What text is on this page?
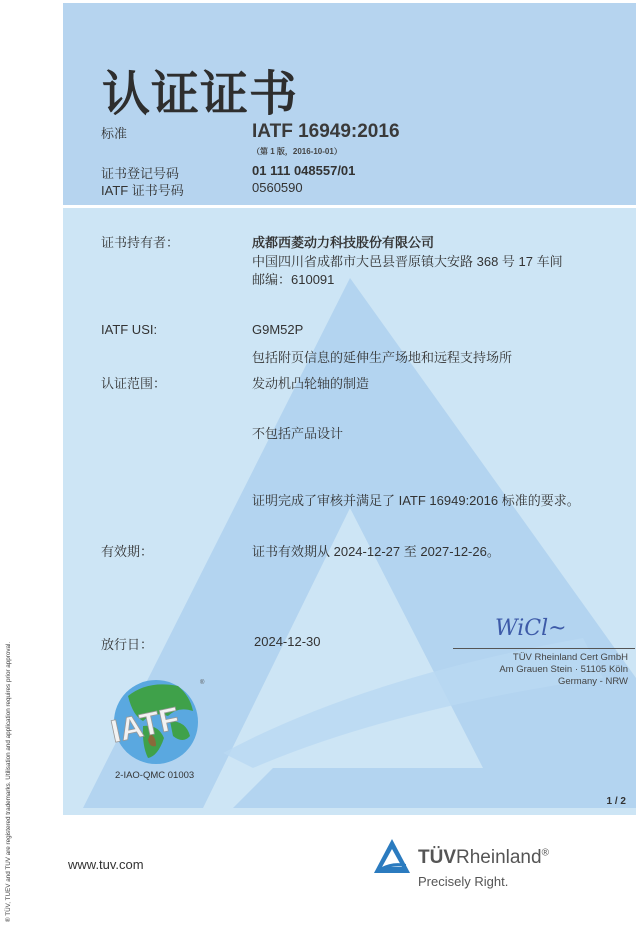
® TÜV, TUEV and TUV are registered trademarks. Utilisation and application requires prior approval.
认证证书
标准	IATF 16949:2016
（第 1 版，2016-10-01）
证书登记号码	01 111 048557/01
IATF 证书号码	0560590
证书持有者：	成都西菱动力科技股份有限公司
中国四川省成都市大邑县晋原镇大安路 368 号 17 车间
邮编：610091
IATF USI:	G9M52P
包括附页信息的延伸生产场地和远程支持场所
认证范围：	发动机凸轮轴的制造
不包括产品设计
证明完成了审核并满足了 IATF 16949:2016 标准的要求。
有效期：	证书有效期从 2024-12-27 至 2027-12-26。
放行日：	2024-12-30
WiCl~
TÜV Rheinland Cert GmbH
Am Grauen Stein · 51105 Köln
Germany - NRW
IATF
®
2-IAO-QMC 01003
1 / 2
www.tuv.com	TÜVRheinland®
Precisely Right.
